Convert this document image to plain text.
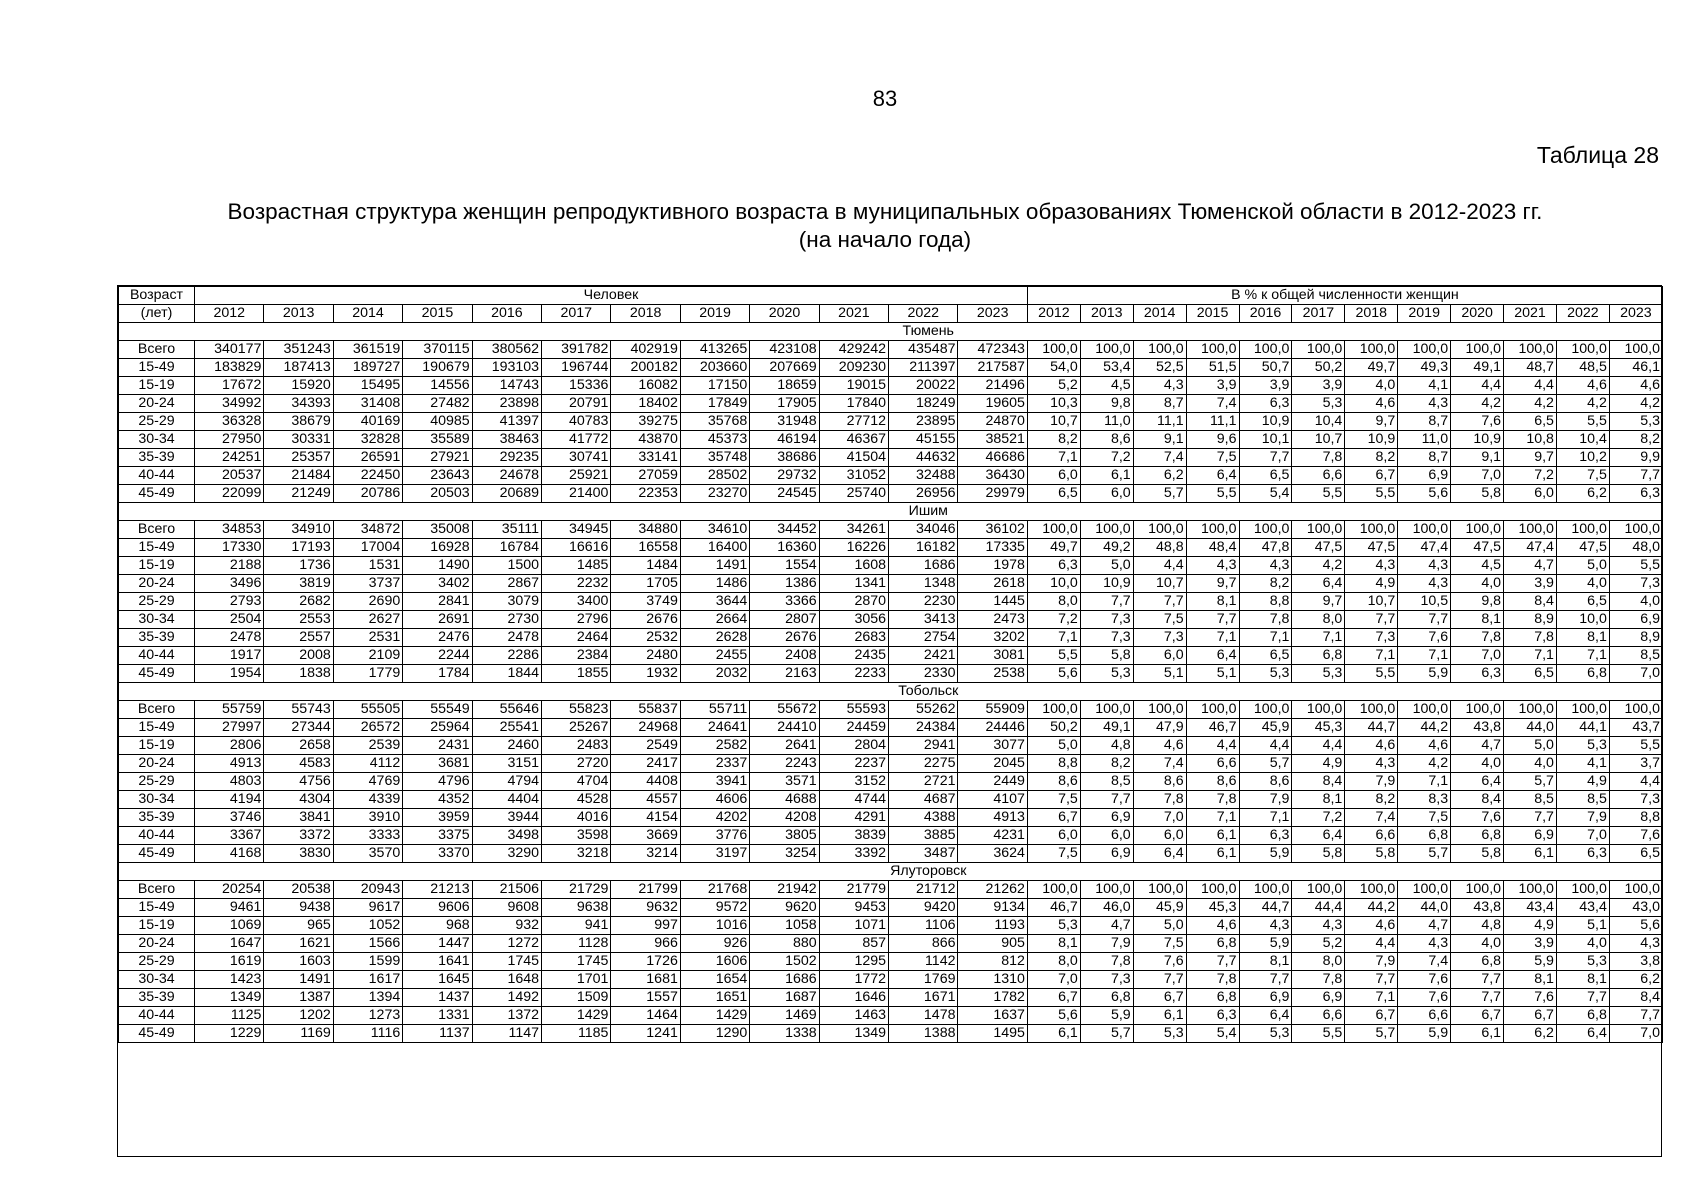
83
Таблица 28
Возрастная структура женщин репродуктивного возраста в муниципальных образованиях Тюменской области в 2012-2023 гг.
(на начало года)
Возраст	Человек												В % к общей численности женщин											
(лет)	2012	2013	2014	2015	2016	2017	2018	2019	2020	2021	2022	2023	2012	2013	2014	2015	2016	2017	2018	2019	2020	2021	2022	2023
	Тюмень																							
Всего	340177	351243	361519	370115	380562	391782	402919	413265	423108	429242	435487	472343	100,0	100,0	100,0	100,0	100,0	100,0	100,0	100,0	100,0	100,0	100,0	100,0
15-49	183829	187413	189727	190679	193103	196744	200182	203660	207669	209230	211397	217587	54,0	53,4	52,5	51,5	50,7	50,2	49,7	49,3	49,1	48,7	48,5	46,1
15-19	17672	15920	15495	14556	14743	15336	16082	17150	18659	19015	20022	21496	5,2	4,5	4,3	3,9	3,9	3,9	4,0	4,1	4,4	4,4	4,6	4,6
20-24	34992	34393	31408	27482	23898	20791	18402	17849	17905	17840	18249	19605	10,3	9,8	8,7	7,4	6,3	5,3	4,6	4,3	4,2	4,2	4,2	4,2
25-29	36328	38679	40169	40985	41397	40783	39275	35768	31948	27712	23895	24870	10,7	11,0	11,1	11,1	10,9	10,4	9,7	8,7	7,6	6,5	5,5	5,3
30-34	27950	30331	32828	35589	38463	41772	43870	45373	46194	46367	45155	38521	8,2	8,6	9,1	9,6	10,1	10,7	10,9	11,0	10,9	10,8	10,4	8,2
35-39	24251	25357	26591	27921	29235	30741	33141	35748	38686	41504	44632	46686	7,1	7,2	7,4	7,5	7,7	7,8	8,2	8,7	9,1	9,7	10,2	9,9
40-44	20537	21484	22450	23643	24678	25921	27059	28502	29732	31052	32488	36430	6,0	6,1	6,2	6,4	6,5	6,6	6,7	6,9	7,0	7,2	7,5	7,7
45-49	22099	21249	20786	20503	20689	21400	22353	23270	24545	25740	26956	29979	6,5	6,0	5,7	5,5	5,4	5,5	5,5	5,6	5,8	6,0	6,2	6,3
	Ишим																							
Всего	34853	34910	34872	35008	35111	34945	34880	34610	34452	34261	34046	36102	100,0	100,0	100,0	100,0	100,0	100,0	100,0	100,0	100,0	100,0	100,0	100,0
15-49	17330	17193	17004	16928	16784	16616	16558	16400	16360	16226	16182	17335	49,7	49,2	48,8	48,4	47,8	47,5	47,5	47,4	47,5	47,4	47,5	48,0
15-19	2188	1736	1531	1490	1500	1485	1484	1491	1554	1608	1686	1978	6,3	5,0	4,4	4,3	4,3	4,2	4,3	4,3	4,5	4,7	5,0	5,5
20-24	3496	3819	3737	3402	2867	2232	1705	1486	1386	1341	1348	2618	10,0	10,9	10,7	9,7	8,2	6,4	4,9	4,3	4,0	3,9	4,0	7,3
25-29	2793	2682	2690	2841	3079	3400	3749	3644	3366	2870	2230	1445	8,0	7,7	7,7	8,1	8,8	9,7	10,7	10,5	9,8	8,4	6,5	4,0
30-34	2504	2553	2627	2691	2730	2796	2676	2664	2807	3056	3413	2473	7,2	7,3	7,5	7,7	7,8	8,0	7,7	7,7	8,1	8,9	10,0	6,9
35-39	2478	2557	2531	2476	2478	2464	2532	2628	2676	2683	2754	3202	7,1	7,3	7,3	7,1	7,1	7,1	7,3	7,6	7,8	7,8	8,1	8,9
40-44	1917	2008	2109	2244	2286	2384	2480	2455	2408	2435	2421	3081	5,5	5,8	6,0	6,4	6,5	6,8	7,1	7,1	7,0	7,1	7,1	8,5
45-49	1954	1838	1779	1784	1844	1855	1932	2032	2163	2233	2330	2538	5,6	5,3	5,1	5,1	5,3	5,3	5,5	5,9	6,3	6,5	6,8	7,0
	Тобольск																							
Всего	55759	55743	55505	55549	55646	55823	55837	55711	55672	55593	55262	55909	100,0	100,0	100,0	100,0	100,0	100,0	100,0	100,0	100,0	100,0	100,0	100,0
15-49	27997	27344	26572	25964	25541	25267	24968	24641	24410	24459	24384	24446	50,2	49,1	47,9	46,7	45,9	45,3	44,7	44,2	43,8	44,0	44,1	43,7
15-19	2806	2658	2539	2431	2460	2483	2549	2582	2641	2804	2941	3077	5,0	4,8	4,6	4,4	4,4	4,4	4,6	4,6	4,7	5,0	5,3	5,5
20-24	4913	4583	4112	3681	3151	2720	2417	2337	2243	2237	2275	2045	8,8	8,2	7,4	6,6	5,7	4,9	4,3	4,2	4,0	4,0	4,1	3,7
25-29	4803	4756	4769	4796	4794	4704	4408	3941	3571	3152	2721	2449	8,6	8,5	8,6	8,6	8,6	8,4	7,9	7,1	6,4	5,7	4,9	4,4
30-34	4194	4304	4339	4352	4404	4528	4557	4606	4688	4744	4687	4107	7,5	7,7	7,8	7,8	7,9	8,1	8,2	8,3	8,4	8,5	8,5	7,3
35-39	3746	3841	3910	3959	3944	4016	4154	4202	4208	4291	4388	4913	6,7	6,9	7,0	7,1	7,1	7,2	7,4	7,5	7,6	7,7	7,9	8,8
40-44	3367	3372	3333	3375	3498	3598	3669	3776	3805	3839	3885	4231	6,0	6,0	6,0	6,1	6,3	6,4	6,6	6,8	6,8	6,9	7,0	7,6
45-49	4168	3830	3570	3370	3290	3218	3214	3197	3254	3392	3487	3624	7,5	6,9	6,4	6,1	5,9	5,8	5,8	5,7	5,8	6,1	6,3	6,5
	Ялуторовск																							
Всего	20254	20538	20943	21213	21506	21729	21799	21768	21942	21779	21712	21262	100,0	100,0	100,0	100,0	100,0	100,0	100,0	100,0	100,0	100,0	100,0	100,0
15-49	9461	9438	9617	9606	9608	9638	9632	9572	9620	9453	9420	9134	46,7	46,0	45,9	45,3	44,7	44,4	44,2	44,0	43,8	43,4	43,4	43,0
15-19	1069	965	1052	968	932	941	997	1016	1058	1071	1106	1193	5,3	4,7	5,0	4,6	4,3	4,3	4,6	4,7	4,8	4,9	5,1	5,6
20-24	1647	1621	1566	1447	1272	1128	966	926	880	857	866	905	8,1	7,9	7,5	6,8	5,9	5,2	4,4	4,3	4,0	3,9	4,0	4,3
25-29	1619	1603	1599	1641	1745	1745	1726	1606	1502	1295	1142	812	8,0	7,8	7,6	7,7	8,1	8,0	7,9	7,4	6,8	5,9	5,3	3,8
30-34	1423	1491	1617	1645	1648	1701	1681	1654	1686	1772	1769	1310	7,0	7,3	7,7	7,8	7,7	7,8	7,7	7,6	7,7	8,1	8,1	6,2
35-39	1349	1387	1394	1437	1492	1509	1557	1651	1687	1646	1671	1782	6,7	6,8	6,7	6,8	6,9	6,9	7,1	7,6	7,7	7,6	7,7	8,4
40-44	1125	1202	1273	1331	1372	1429	1464	1429	1469	1463	1478	1637	5,6	5,9	6,1	6,3	6,4	6,6	6,7	6,6	6,7	6,7	6,8	7,7
45-49	1229	1169	1116	1137	1147	1185	1241	1290	1338	1349	1388	1495	6,1	5,7	5,3	5,4	5,3	5,5	5,7	5,9	6,1	6,2	6,4	7,0
